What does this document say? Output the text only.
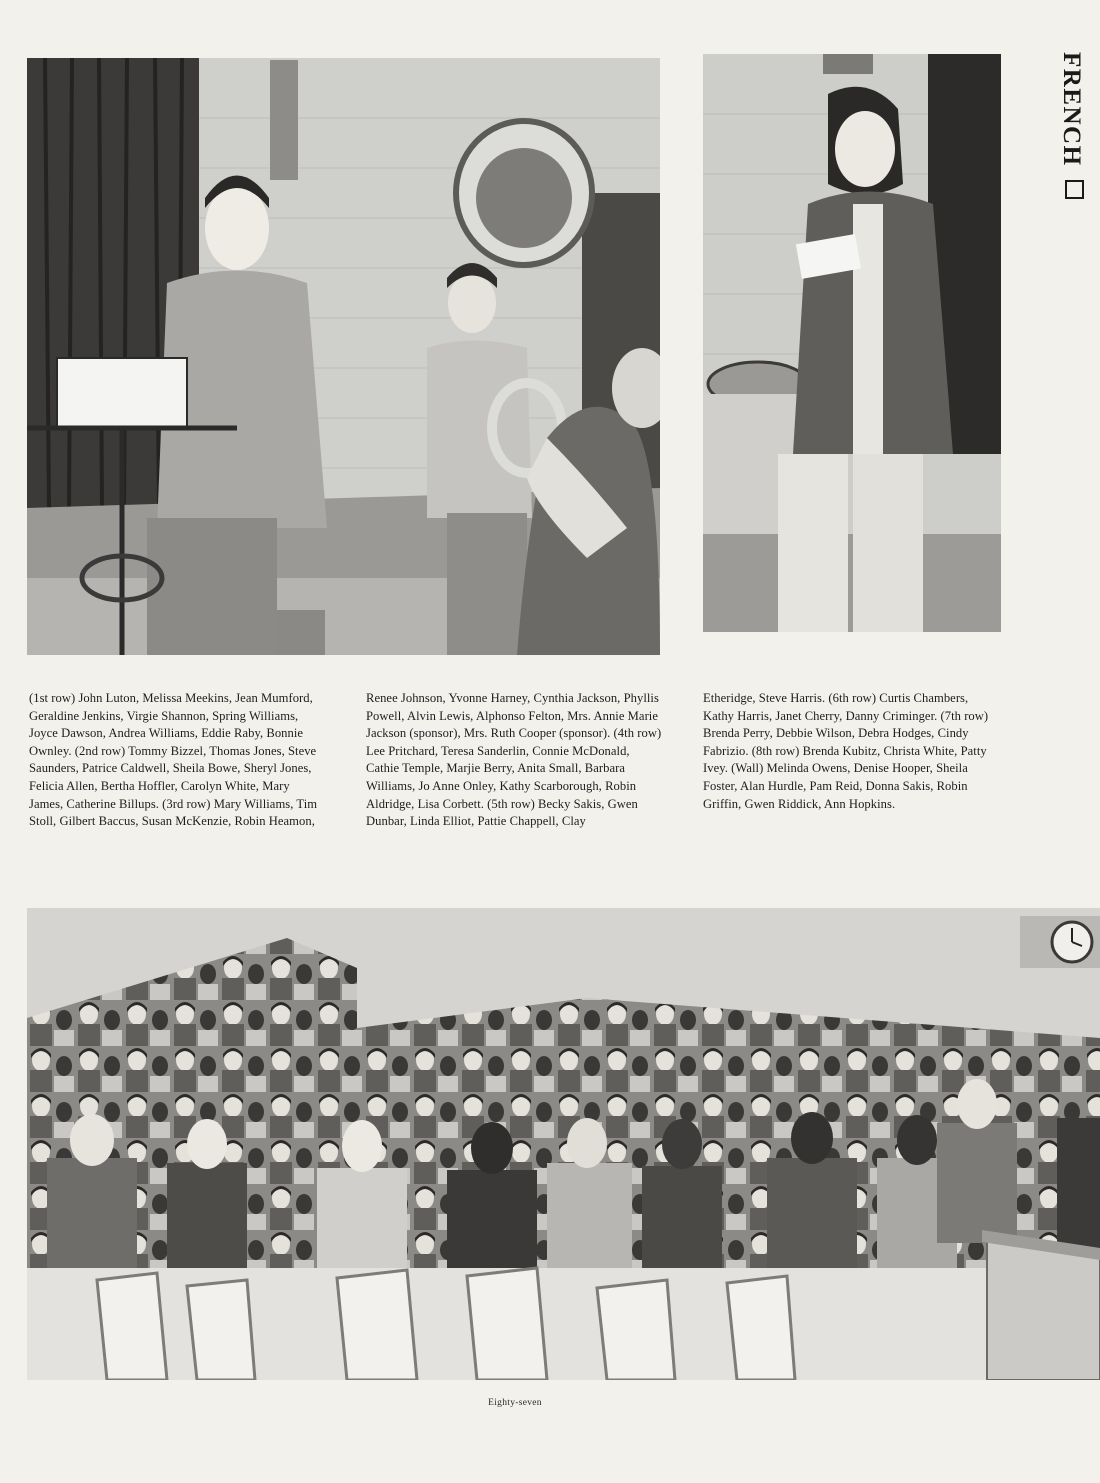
FRENCH
(1st row) John Luton, Melissa Meekins, Jean Mumford, Geraldine Jenkins, Virgie Shannon, Spring Williams, Joyce Dawson, Andrea Williams, Eddie Raby, Bonnie Ownley. (2nd row) Tommy Bizzel, Thomas Jones, Steve Saunders, Patrice Caldwell, Sheila Bowe, Sheryl Jones, Felicia Allen, Bertha Hoffler, Carolyn White, Mary James, Catherine Billups. (3rd row) Mary Williams, Tim Stoll, Gilbert Baccus, Susan McKenzie, Robin Heamon,
Renee Johnson, Yvonne Harney, Cynthia Jackson, Phyllis Powell, Alvin Lewis, Alphonso Felton, Mrs. Annie Marie Jackson (sponsor), Mrs. Ruth Cooper (sponsor). (4th row) Lee Pritchard, Teresa Sanderlin, Connie McDonald, Cathie Temple, Marjie Berry, Anita Small, Barbara Williams, Jo Anne Onley, Kathy Scarborough, Robin Aldridge, Lisa Corbett. (5th row) Becky Sakis, Gwen Dunbar, Linda Elliot, Pattie Chappell, Clay
Etheridge, Steve Harris. (6th row) Curtis Chambers, Kathy Harris, Janet Cherry, Danny Criminger. (7th row) Brenda Perry, Debbie Wilson, Debra Hodges, Cindy Fabrizio. (8th row) Brenda Kubitz, Christa White, Patty Ivey. (Wall) Melinda Owens, Denise Hooper, Sheila Foster, Alan Hurdle, Pam Reid, Donna Sakis, Robin Griffin, Gwen Riddick, Ann Hopkins.
Eighty-seven
